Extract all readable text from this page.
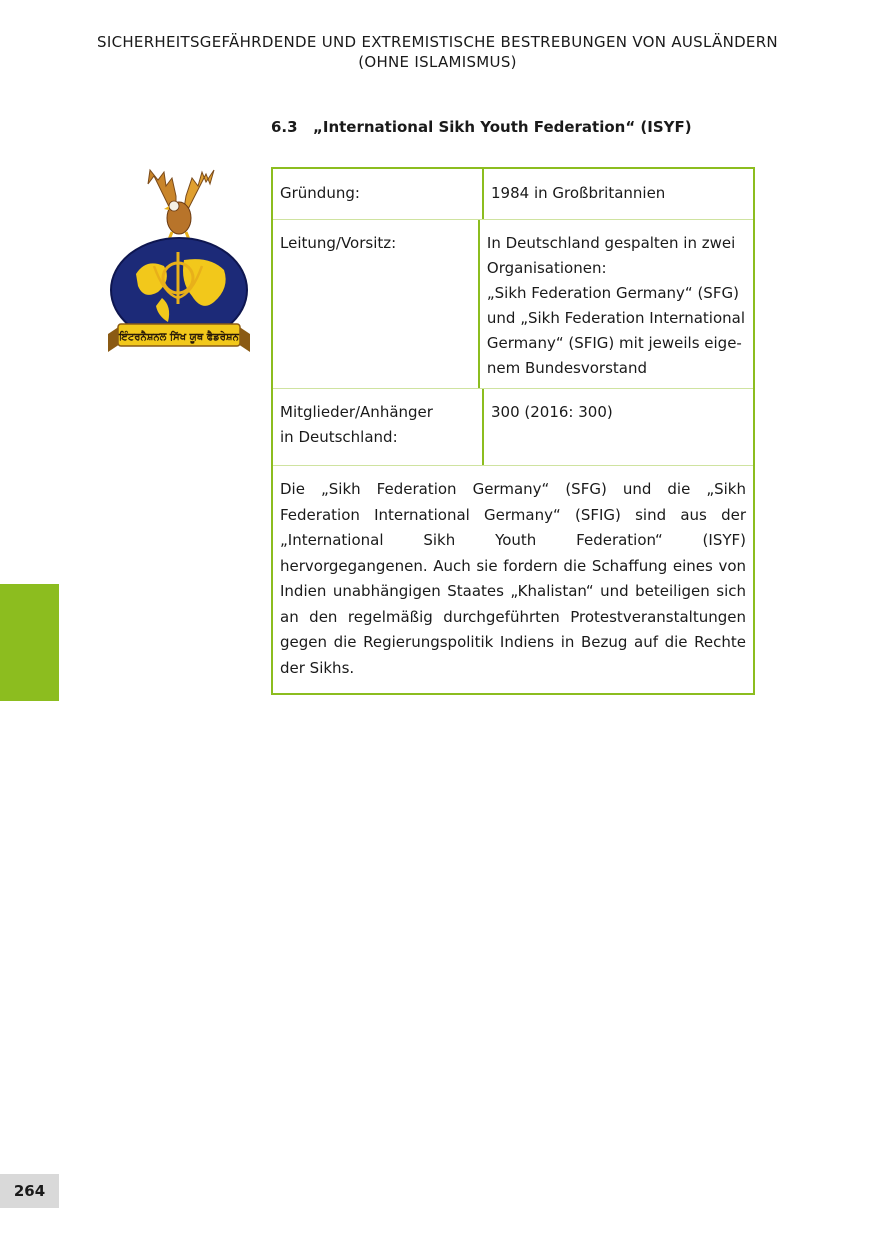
SICHERHEITSGEFÄHRDENDE UND EXTREMISTISCHE BESTREBUNGEN VON AUSLÄNDERN
(OHNE ISLAMISMUS)
6.3 „International Sikh Youth Federation“ (ISYF)
ਇੰਟਰਨੈਸ਼ਨਲ ਸਿੱਖ ਯੂਥ ਫੈਡਰੇਸ਼ਨ
Gründung:	1984 in Großbritannien
Leitung/Vorsitz:	In Deutschland gespalten in zwei
Organisationen:
„Sikh Federation Germany“ (SFG)
und „Sikh Federation International
Germany“ (SFIG) mit jeweils eige-
nem Bundesvorstand
Mitglieder/Anhänger
in Deutschland:
300 (2016: 300)
Die „Sikh Federation Germany“ (SFG) und die „Sikh Federation International Germany“ (SFIG) sind aus der „International Sikh Youth Federation“ (ISYF) hervorgegangenen. Auch sie fordern die Schaffung eines von Indien unabhängigen Staates „Khalistan“ und beteiligen sich an den regelmäßig durchgeführten Protestveranstaltungen gegen die Regierungspolitik Indiens in Bezug auf die Rechte der Sikhs.
264
